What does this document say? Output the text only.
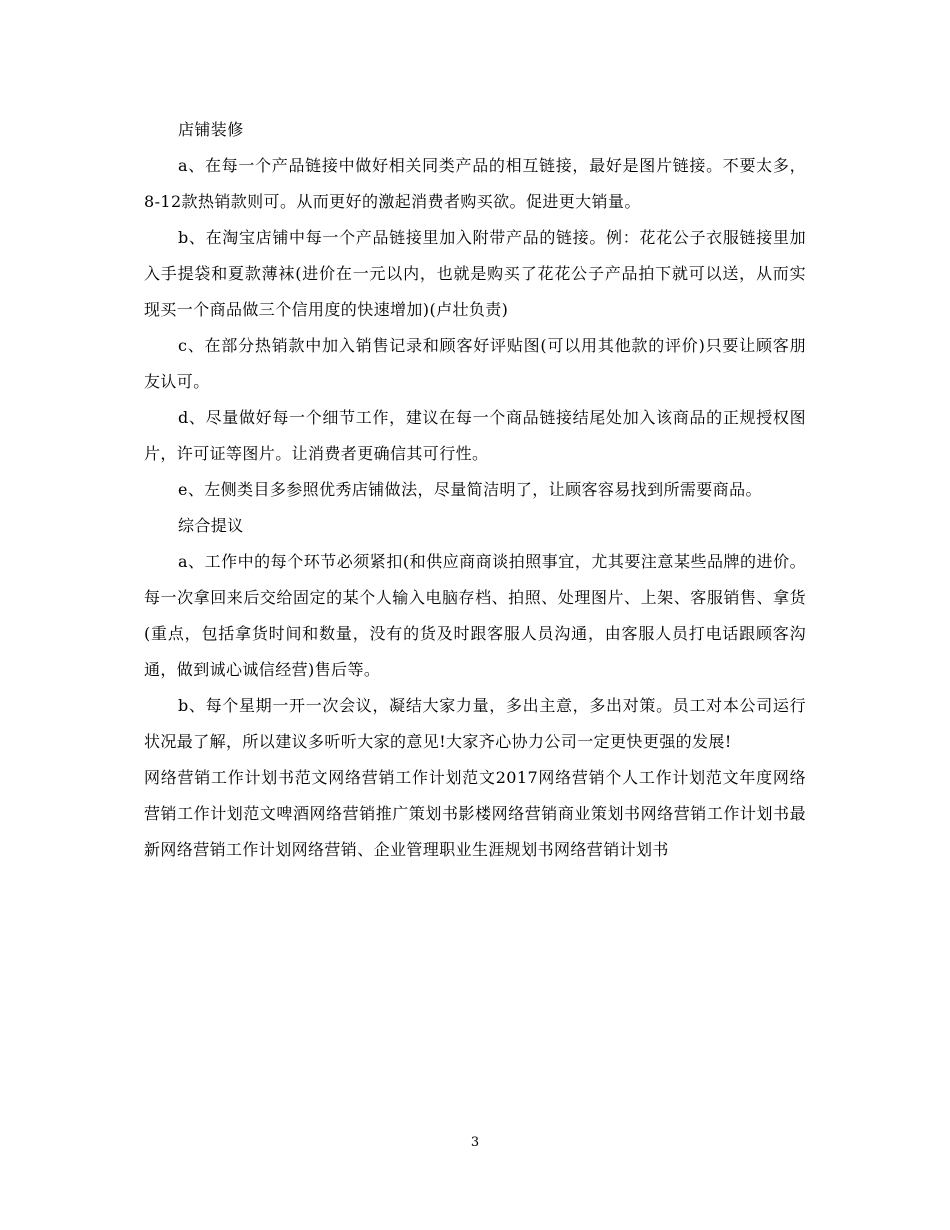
店铺装修

a、在每一个产品链接中做好相关同类产品的相互链接，最好是图片链接。不要太多，8-12款热销款则可。从而更好的激起消费者购买欲。促进更大销量。

b、在淘宝店铺中每一个产品链接里加入附带产品的链接。例：花花公子衣服链接里加入手提袋和夏款薄袜(进价在一元以内，也就是购买了花花公子产品拍下就可以送，从而实现买一个商品做三个信用度的快速增加)(卢壮负责)

c、在部分热销款中加入销售记录和顾客好评贴图(可以用其他款的评价)只要让顾客朋友认可。

d、尽量做好每一个细节工作，建议在每一个商品链接结尾处加入该商品的正规授权图片，许可证等图片。让消费者更确信其可行性。

e、左侧类目多参照优秀店铺做法，尽量简洁明了，让顾客容易找到所需要商品。

综合提议

a、工作中的每个环节必须紧扣(和供应商商谈拍照事宜，尤其要注意某些品牌的进价。每一次拿回来后交给固定的某个人输入电脑存档、拍照、处理图片、上架、客服销售、拿货(重点，包括拿货时间和数量，没有的货及时跟客服人员沟通，由客服人员打电话跟顾客沟通，做到诚心诚信经营)售后等。

b、每个星期一开一次会议，凝结大家力量，多出主意，多出对策。员工对本公司运行状况最了解，所以建议多听听大家的意见!大家齐心协力公司一定更快更强的发展!

网络营销工作计划书范文网络营销工作计划范文2017网络营销个人工作计划范文年度网络营销工作计划范文啤酒网络营销推广策划书影楼网络营销商业策划书网络营销工作计划书最新网络营销工作计划网络营销、企业管理职业生涯规划书网络营销计划书

3
